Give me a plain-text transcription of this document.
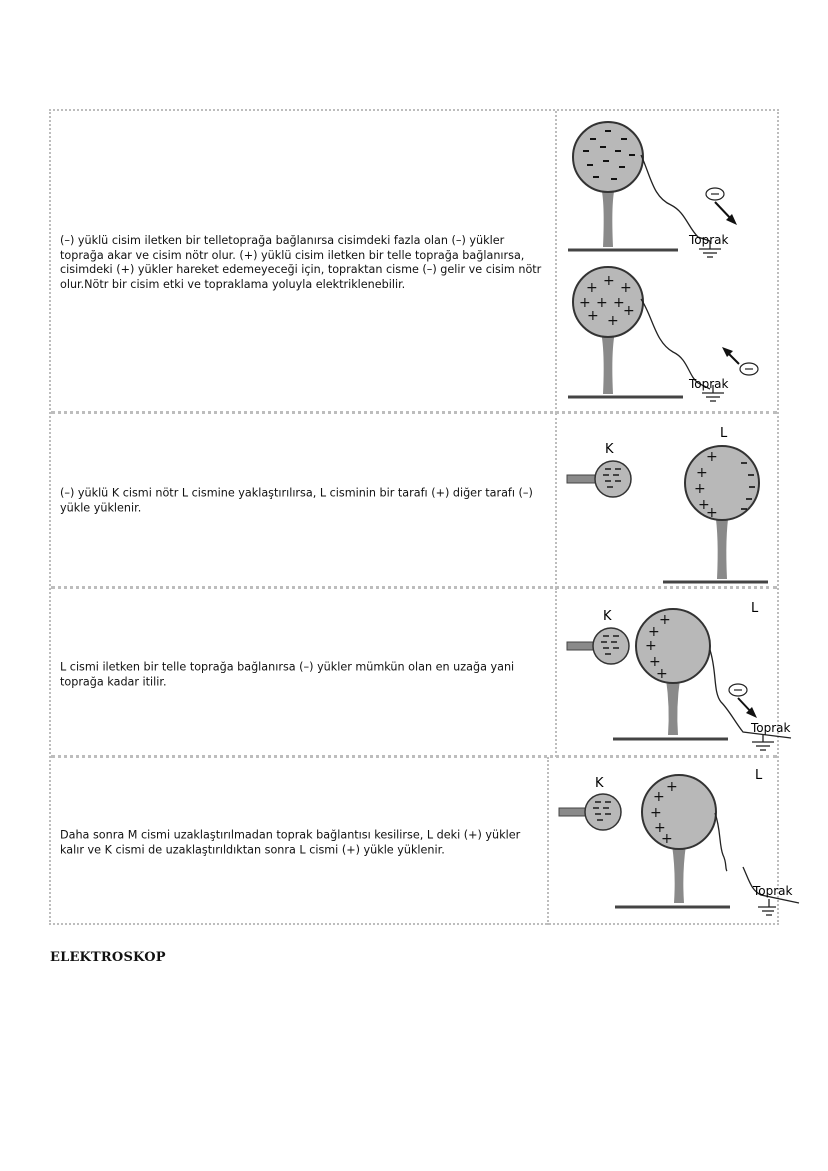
(–) yüklü cisim iletken bir telletoprağa bağlanırsa cisimdeki fazla olan (–) yükler toprağa akar ve cisim nötr olur. (+) yüklü cisim iletken bir telle toprağa bağlanırsa, cisimdeki (+) yükler hareket edemeyeceği için, topraktan cisme (–) gelir ve cisim nötr olur.Nötr bir cisim etki ve topraklama yoluyla elektriklenebilir.

Toprak
+ + +
+ + +
+ +
+
Toprak

(–) yüklü K cismi nötr L cismine yaklaştırılırsa, L cisminin bir tarafı (+) diğer tarafı (–) yükle yüklenir.

K	+
+
+
+
+
L

L cismi iletken bir telle toprağa bağlanırsa (–) yükler mümkün olan en uzağa yani toprağa kadar itilir.

K	+
+
+
+
+
L
Toprak

Daha sonra M cismi uzaklaştırılmadan toprak bağlantısı kesilirse, L deki (+) yükler kalır ve K cismi de uzaklaştırıldıktan sonra L cismi (+) yükle yüklenir.

K	+
+
+
+
+
L
Toprak
ELEKTROSKOP
